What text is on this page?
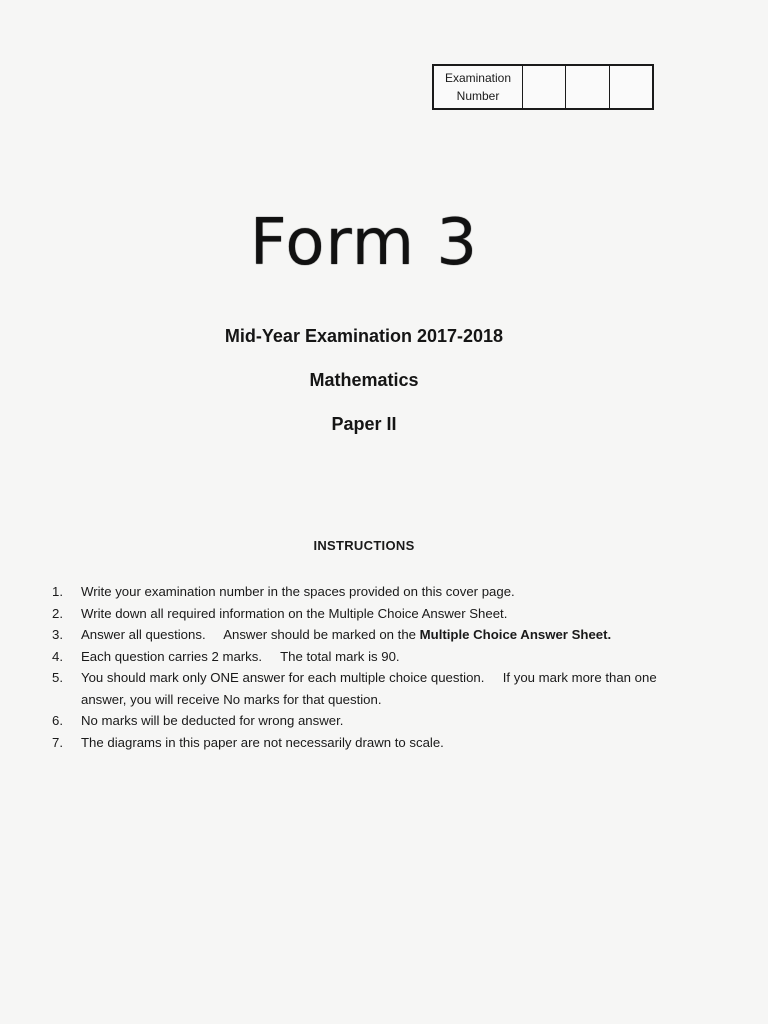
Examination
Number
Form 3
Mid-Year Examination 2017-2018
Mathematics
Paper II
INSTRUCTIONS
1.	Write your examination number in the spaces provided on this cover page.
2.	Write down all required information on the Multiple Choice Answer Sheet.
3.	Answer all questions.     Answer should be marked on the Multiple Choice Answer Sheet.
4.	Each question carries 2 marks.     The total mark is 90.
5.	You should mark only ONE answer for each multiple choice question.     If you mark more than one answer, you will receive No marks for that question.
6.	No marks will be deducted for wrong answer.
7.	The diagrams in this paper are not necessarily drawn to scale.
